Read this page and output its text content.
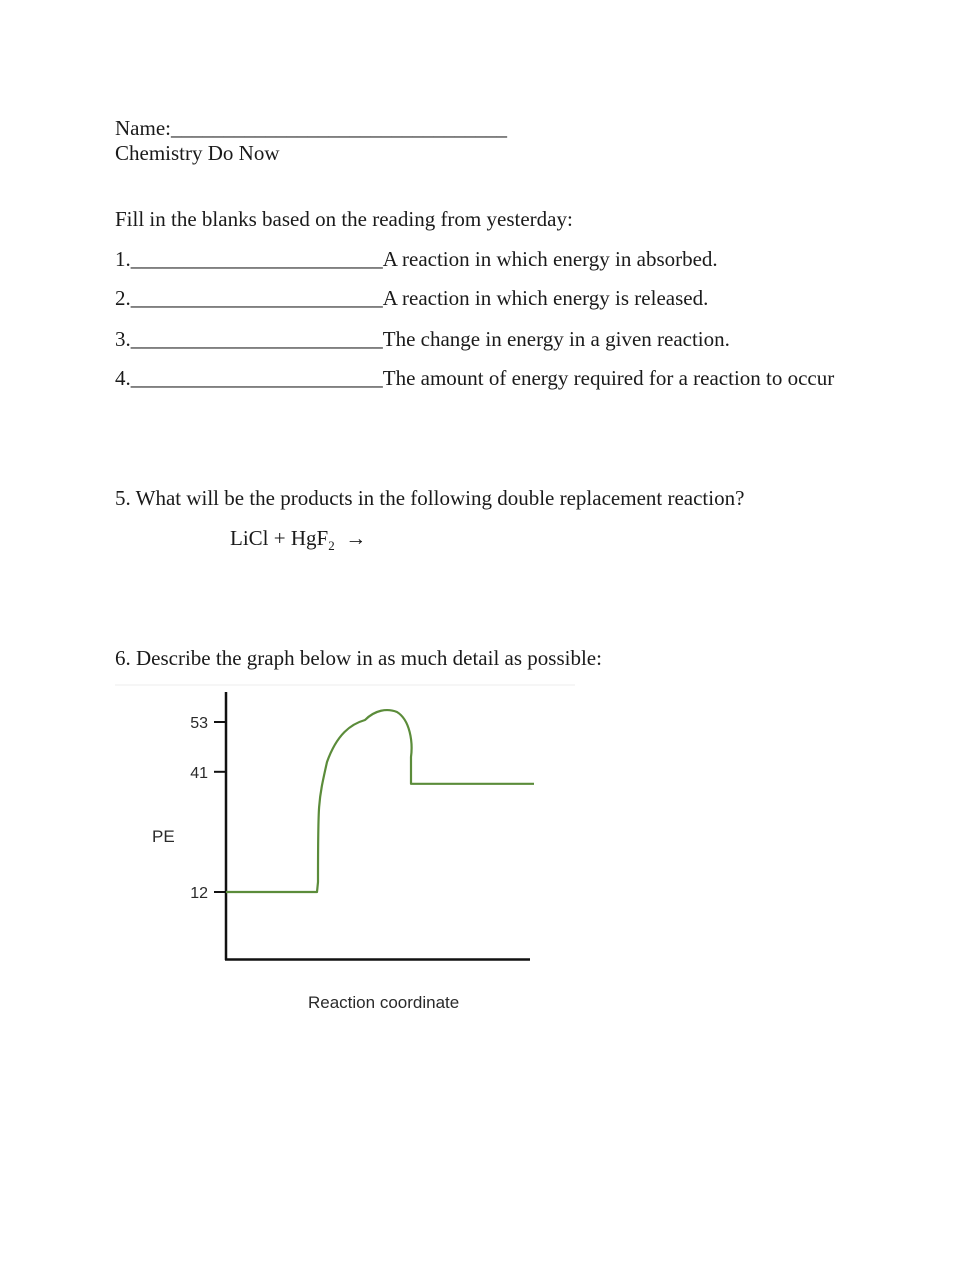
Name:________________________________
Chemistry Do Now
Fill in the blanks based on the reading from yesterday:
1.________________________A reaction in which energy in absorbed.
2.________________________A reaction in which energy is released.
3.________________________The change in energy in a given reaction.
4.________________________The amount of energy required for a reaction to occur
5. What will be the products in the following double replacement reaction?
LiCl + HgF$_2$ →
6. Describe the graph below in as much detail as possible:
PE
12
41
53
Reaction coordinate
